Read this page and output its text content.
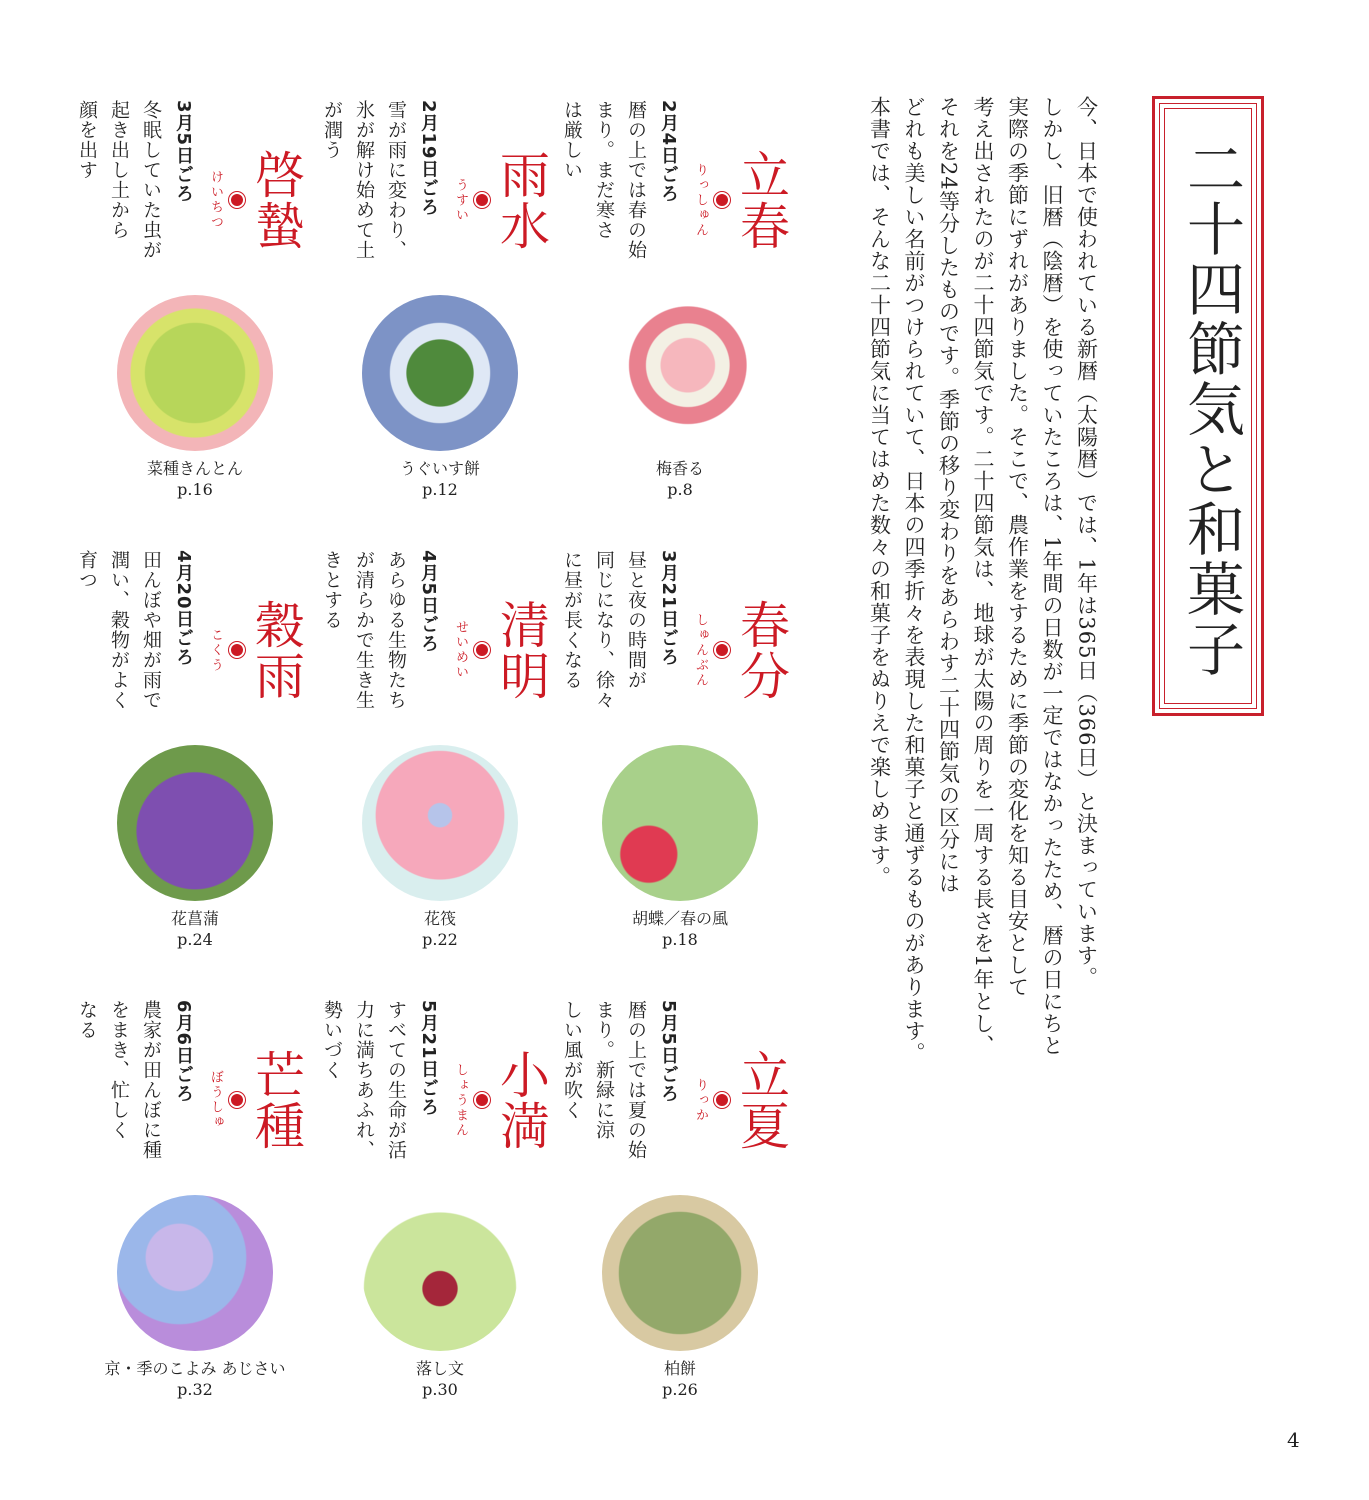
二十四節気と和菓子
今、日本で使われている新暦（太陽暦）では、1年は365日（366日）と決まっています。
しかし、旧暦（陰暦）を使っていたころは、1年間の日数が一定ではなかったため、暦の日にちと
実際の季節にずれがありました。そこで、農作業をするために季節の変化を知る目安として
考え出されたのが二十四節気です。二十四節気は、地球が太陽の周りを一周する長さを1年とし、
それを24等分したものです。季節の移り変わりをあらわす二十四節気の区分には
どれも美しい名前がつけられていて、日本の四季折々を表現した和菓子と通ずるものがあります。
本書では、そんな二十四節気に当てはめた数々の和菓子をぬりえで楽しめます。
立春
りっしゅん
2月4日ごろ
暦の上では春の始
まり。まだ寒さ
は厳しい
梅香る
p.8
雨水
うすい
2月19日ごろ
雪が雨に変わり、
氷が解け始めて土
が潤う
うぐいす餅
p.12
啓蟄
けいちつ
3月5日ごろ
冬眠していた虫が
起き出し土から
顔を出す
菜種きんとん
p.16
春分
しゅんぶん
3月21日ごろ
昼と夜の時間が
同じになり、徐々
に昼が長くなる
胡蝶／春の風
p.18
清明
せいめい
4月5日ごろ
あらゆる生物たち
が清らかで生き生
きとする
花筏
p.22
穀雨
こくう
4月20日ごろ
田んぼや畑が雨で
潤い、穀物がよく
育つ
花菖蒲
p.24
立夏
りっか
5月5日ごろ
暦の上では夏の始
まり。新緑に涼
しい風が吹く
柏餅
p.26
小満
しょうまん
5月21日ごろ
すべての生命が活
力に満ちあふれ、
勢いづく
落し文
p.30
芒種
ぼうしゅ
6月6日ごろ
農家が田んぼに種
をまき、忙しく
なる
京・季のこよみ あじさい
p.32
4
